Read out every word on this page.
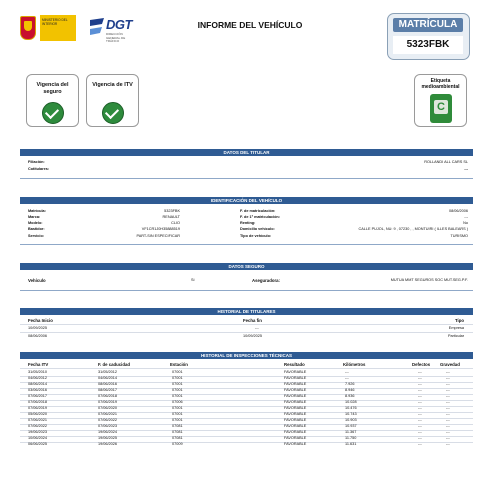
MINISTERIO DEL INTERIOR	DGT
DIRECCIÓN GENERAL DE TRÁFICO
INFORME DEL VEHÍCULO	MATRÍCULA
5323FBK
Vigencia del seguro
Vigencia de ITV
Etiqueta medioambiental
C
DATOS DEL TITULAR
Filiación:	ROLLANDI ALL CARS SL
Cotitulares:	---
IDENTIFICACIÓN DEL VEHÍCULO
Matrícula:	5323FBK
Marca:	RENAULT
Modelo:	CLIO
Bastidor:	VF1CR1J0H35888519
Servicio:	PART-SIN ESPECIFICAR
F. de matriculación:	08/06/2006
F. de 1ª matriculación:	---
Renting:	No
Domicilio vehículo:	CALLE PUJOL, NU: 9 , 07230 , , MONTUIRI ( ILLES BALEARS )
Tipo de vehículo:	TURISMO
DATOS SEGURO
Vehículo	Sí	Aseguradora:	MUTUA MMT SEGUROS SOC MUT.SEG.P.F.
HISTORIAL DE TITULARES
Fecha Inicio	Fecha fin	Tipo
10/09/2025	---	Empresa
08/06/2006	10/09/2025	Particular
HISTORIAL DE INSPECCIONES TÉCNICAS
Fecha ITV	F. de caducidad	Estación	Resultado	Kilómetros	Defectos Gravedad
31/05/2010	31/05/2012	07001	FAVORABLE	---	---	---
04/06/2012	04/06/2014	07001	FAVORABLE	---	---	---
08/06/2014	08/06/2016	07001	FAVORABLE	7.926	---	---
03/06/2016	08/06/2017	07001	FAVORABLE	8.946	---	---
07/06/2017	07/06/2018	07001	FAVORABLE	8.936	---	---
07/06/2018	07/06/2019	07006	FAVORABLE	10.028	---	---
07/06/2019	07/06/2020	07001	FAVORABLE	10.476	---	---
05/06/2020	07/06/2021	07001	FAVORABLE	10.743	---	---
07/06/2021	07/06/2022	07001	FAVORABLE	10.903	---	---
07/06/2022	07/06/2023	07081	FAVORABLE	10.937	---	---
19/06/2023	19/06/2024	07081	FAVORABLE	11.367	---	---
10/06/2024	19/06/2025	07081	FAVORABLE	11.750	---	---
06/06/2025	19/06/2026	07009	FAVORABLE	11.631	---	---
